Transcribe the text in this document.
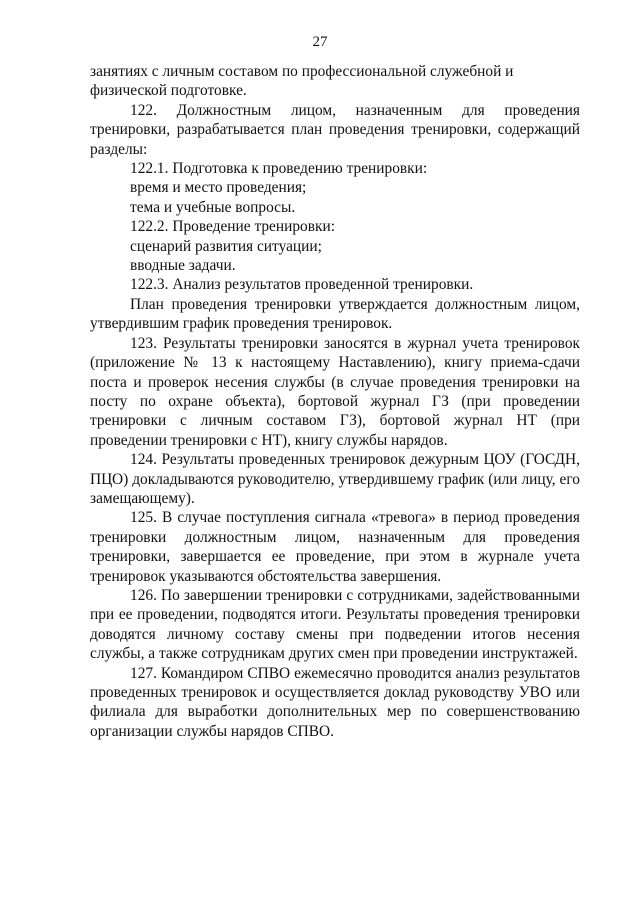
27

занятиях с личным составом по профессиональной служебной и физической подготовке.

122. Должностным лицом, назначенным для проведения тренировки, разрабатывается план проведения тренировки, содержащий разделы:

122.1. Подготовка к проведению тренировки:

время и место проведения;

тема и учебные вопросы.

122.2. Проведение тренировки:

сценарий развития ситуации;

вводные задачи.

122.3. Анализ результатов проведенной тренировки.

План проведения тренировки утверждается должностным лицом, утвердившим график проведения тренировок.

123. Результаты тренировки заносятся в журнал учета тренировок (приложение № 13 к настоящему Наставлению), книгу приема-сдачи поста и проверок несения службы (в случае проведения тренировки на посту по охране объекта), бортовой журнал ГЗ (при проведении тренировки с личным составом ГЗ), бортовой журнал НТ (при проведении тренировки с НТ), книгу службы нарядов.

124. Результаты проведенных тренировок дежурным ЦОУ (ГОСДН, ПЦО) докладываются руководителю, утвердившему график (или лицу, его замещающему).

125. В случае поступления сигнала «тревога» в период проведения тренировки должностным лицом, назначенным для проведения тренировки, завершается ее проведение, при этом в журнале учета тренировок указываются обстоятельства завершения.

126. По завершении тренировки с сотрудниками, задействованными при ее проведении, подводятся итоги. Результаты проведения тренировки доводятся личному составу смены при подведении итогов несения службы, а также сотрудникам других смен при проведении инструктажей.

127. Командиром СПВО ежемесячно проводится анализ результатов проведенных тренировок и осуществляется доклад руководству УВО или филиала для выработки дополнительных мер по совершенствованию организации службы нарядов СПВО.
